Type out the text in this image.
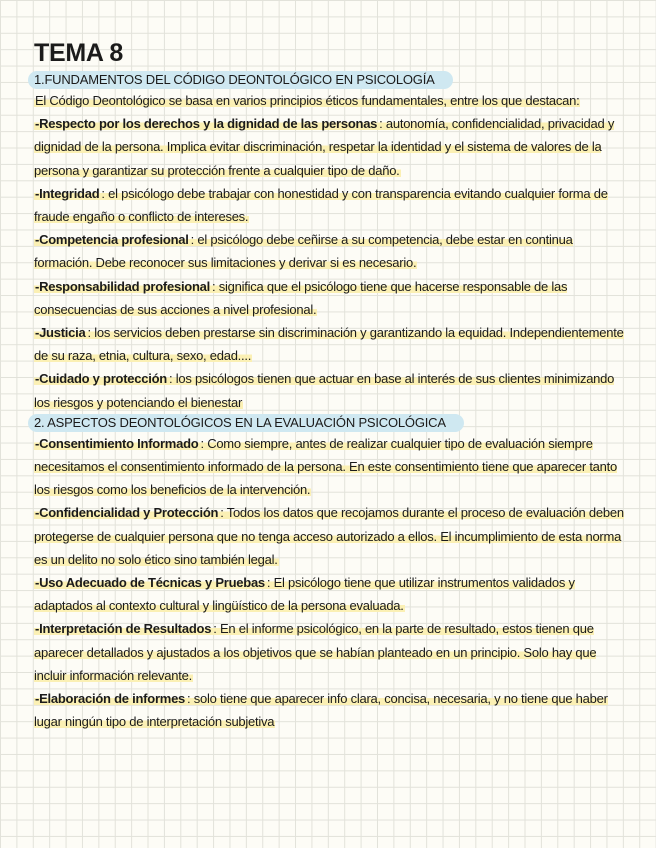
TEMA 8
1.FUNDAMENTOS DEL CÓDIGO DEONTOLÓGICO EN PSICOLOGÍA

El Código Deontológico se basa en varios principios éticos fundamentales, entre los que destacan:

-Respecto por los derechos y la dignidad de las personas : autonomía, confidencialidad, privacidad y dignidad de la persona. Implica evitar discriminación, respetar la identidad y el sistema de valores de la persona y garantizar su protección frente a cualquier tipo de daño.

-Integridad : el psicólogo debe trabajar con honestidad y con transparencia evitando cualquier forma de fraude engaño o conflicto de intereses.

-Competencia profesional : el psicólogo debe ceñirse a su competencia, debe estar en continua formación. Debe reconocer sus limitaciones y derivar si es necesario.

-Responsabilidad profesional : significa que el psicólogo tiene que hacerse responsable de las consecuencias de sus acciones a nivel profesional.

-Justicia : los servicios deben prestarse sin discriminación y garantizando la equidad. Independientemente de su raza, etnia, cultura, sexo, edad....

-Cuidado y protección : los psicólogos tienen que actuar en base al interés de sus clientes minimizando los riesgos y potenciando el bienestar

2. ASPECTOS DEONTOLÓGICOS EN LA EVALUACIÓN PSICOLÓGICA

-Consentimiento Informado : Como siempre, antes de realizar cualquier tipo de evaluación siempre necesitamos el consentimiento informado de la persona. En este consentimiento tiene que aparecer tanto los riesgos como los beneficios de la intervención.

-Confidencialidad y Protección : Todos los datos que recojamos durante el proceso de evaluación deben protegerse de cualquier persona que no tenga acceso autorizado a ellos. El incumplimiento de esta norma es un delito no solo ético sino también legal.

-Uso Adecuado de Técnicas y Pruebas : El psicólogo tiene que utilizar instrumentos validados y adaptados al contexto cultural y lingüístico de la persona evaluada.

-Interpretación de Resultados : En el informe psicológico, en la parte de resultado, estos tienen que aparecer detallados y ajustados a los objetivos que se habían planteado en un principio. Solo hay que incluir información relevante.

-Elaboración de informes : solo tiene que aparecer info clara, concisa, necesaria, y no tiene que haber lugar ningún tipo de interpretación subjetiva
